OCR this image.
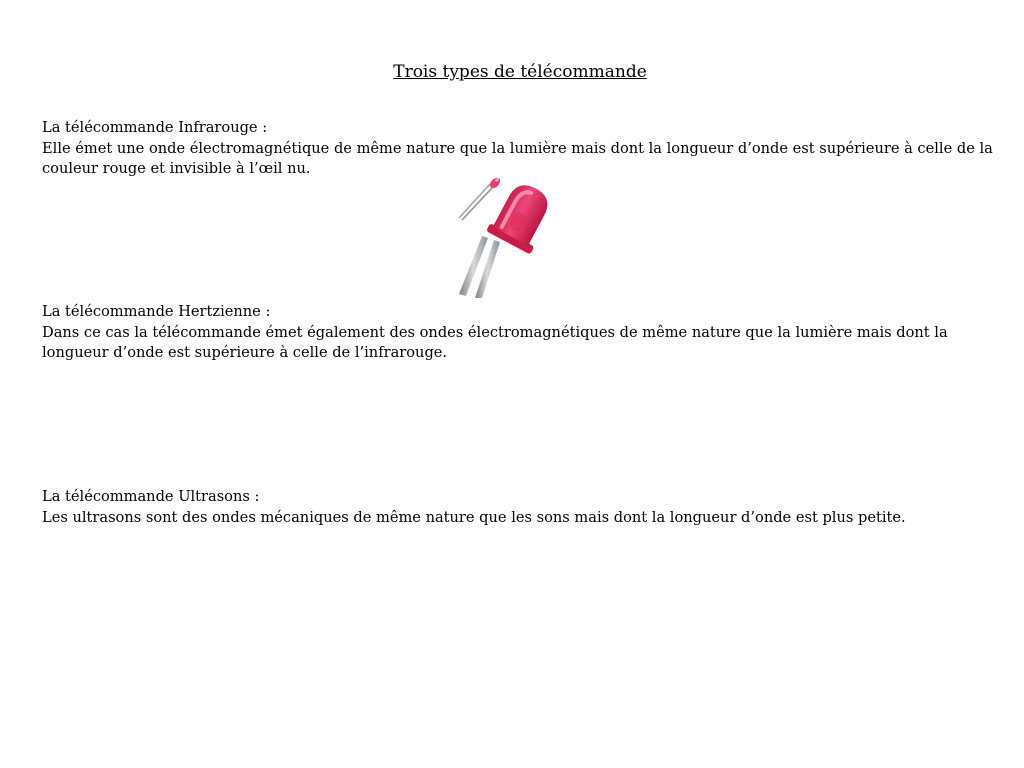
Trois types de télécommande

La télécommande Infrarouge :

Elle émet une onde électromagnétique de même nature que la lumière mais dont la longueur d’onde est supérieure à celle de la couleur rouge et invisible à l’œil nu.

La télécommande Hertzienne :

Dans ce cas la télécommande émet également des ondes électromagnétiques de même nature que la lumière mais dont la longueur d’onde est supérieure à celle de l’infrarouge.

La télécommande Ultrasons :

Les ultrasons sont des ondes mécaniques de même nature que les sons mais dont la longueur d’onde est plus petite.
